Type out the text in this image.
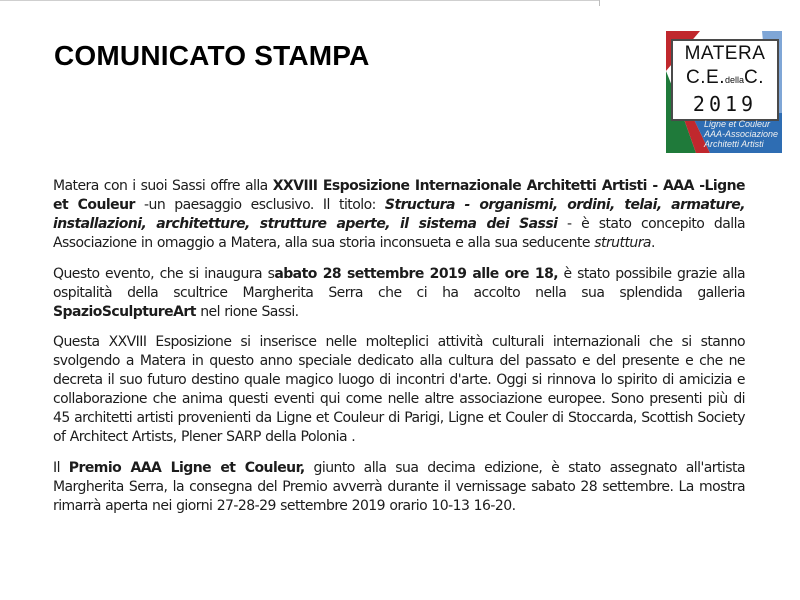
COMUNICATO STAMPA	MATERA
C.E.dellaC.
2019
Ligne et Couleur
AAA-Associazione
Architetti Artisti

Matera con i suoi Sassi offre alla XXVIII Esposizione Internazionale Architetti Artisti - AAA -Ligne et Couleur -un paesaggio esclusivo. Il titolo: Structura - organismi, ordini, telai, armature, installazioni, architetture, strutture aperte, il sistema dei Sassi - è stato concepito dalla Associazione in omaggio a Matera, alla sua storia inconsueta e alla sua seducente struttura.

Questo evento, che si inaugura sabato 28 settembre 2019 alle ore 18, è stato possibile grazie alla ospitalità della scultrice Margherita Serra che ci ha accolto nella sua splendida galleria SpazioSculptureArt nel rione Sassi.

Questa XXVIII Esposizione si inserisce nelle molteplici attività culturali internazionali che si stanno svolgendo a Matera in questo anno speciale dedicato alla cultura del passato e del presente e che ne decreta il suo futuro destino quale magico luogo di incontri d'arte. Oggi si rinnova lo spirito di amicizia e collaborazione che anima questi eventi qui come nelle altre associazione europee. Sono presenti più di 45 architetti artisti provenienti da Ligne et Couleur di Parigi, Ligne et Couler di Stoccarda, Scottish Society of Architect Artists, Plener SARP della Polonia .

Il Premio AAA Ligne et Couleur, giunto alla sua decima edizione, è stato assegnato all'artista Margherita Serra, la consegna del Premio avverrà durante il vernissage sabato 28 settembre. La mostra rimarrà aperta nei giorni 27-28-29 settembre 2019 orario 10-13 16-20.
